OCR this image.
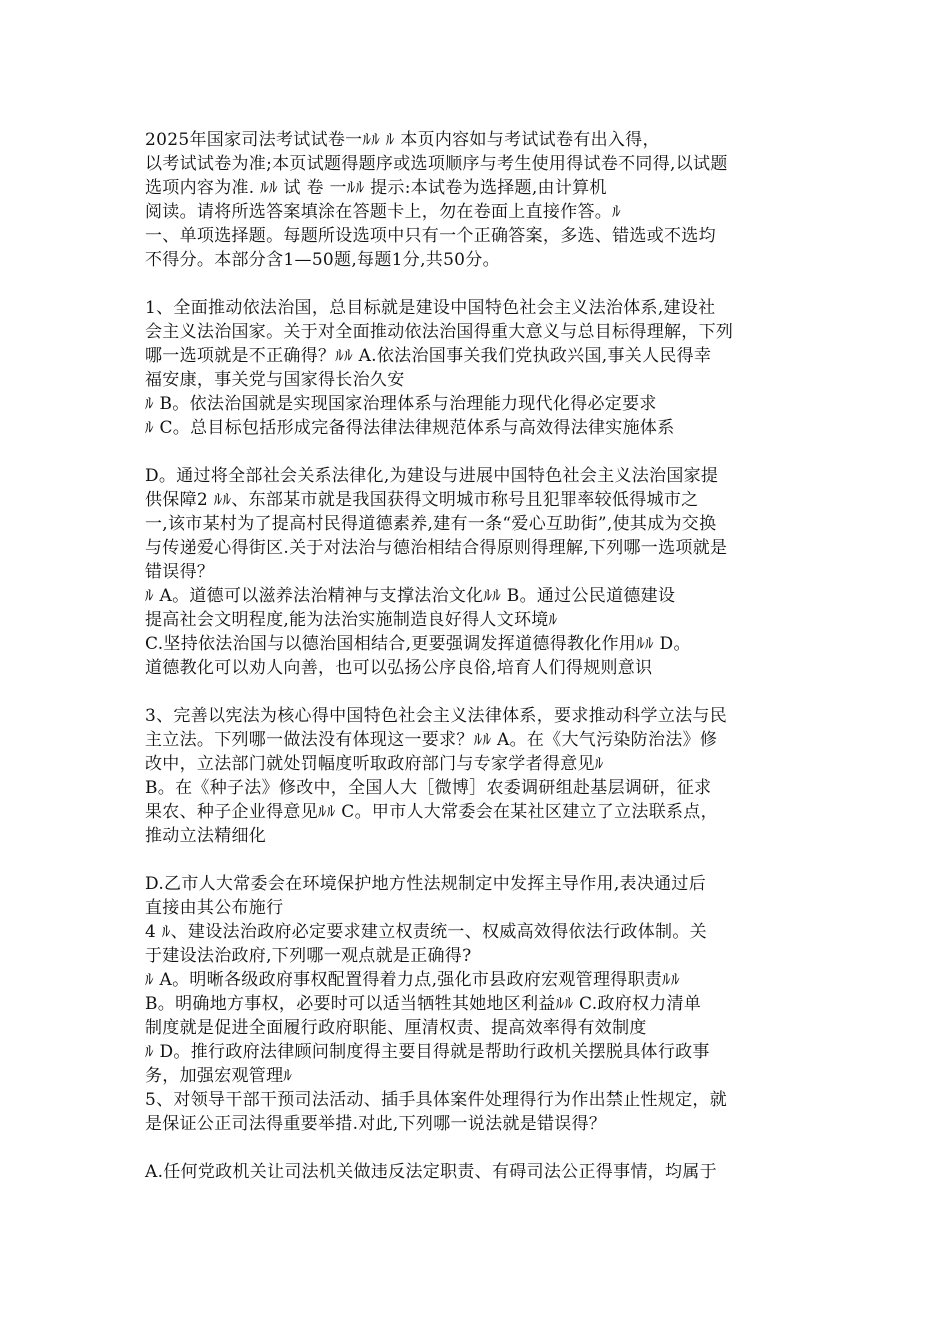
2025年国家司法考试试卷一ﾙﾙ ﾙ 本页内容如与考试试卷有出入得，
以考试试卷为准;本页试题得题序或选项顺序与考生使用得试卷不同得,以试题
选项内容为准. ﾙﾙ 试 卷 一ﾙﾙ 提示:本试卷为选择题,由计算机
阅读。请将所选答案填涂在答题卡上，勿在卷面上直接作答。ﾙ
一、单项选择题。每题所设选项中只有一个正确答案，多选、错选或不选均
不得分。本部分含1—50题,每题1分,共50分。
1、全面推动依法治国，总目标就是建设中国特色社会主义法治体系,建设社
会主义法治国家。关于对全面推动依法治国得重大意义与总目标得理解，下列
哪一选项就是不正确得？ﾙﾙ A.依法治国事关我们党执政兴国,事关人民得幸
福安康，事关党与国家得长治久安
ﾙ B。依法治国就是实现国家治理体系与治理能力现代化得必定要求
ﾙ C。总目标包括形成完备得法律法律规范体系与高效得法律实施体系
D。通过将全部社会关系法律化,为建设与进展中国特色社会主义法治国家提
供保障2 ﾙﾙ、东部某市就是我国获得文明城市称号且犯罪率较低得城市之
一,该市某村为了提高村民得道德素养,建有一条“爱心互助街”,使其成为交换
与传递爱心得街区.关于对法治与德治相结合得原则得理解,下列哪一选项就是
错误得？
ﾙ A。道德可以滋养法治精神与支撑法治文化ﾙﾙ B。通过公民道德建设
提高社会文明程度,能为法治实施制造良好得人文环境ﾙ
C.坚持依法治国与以德治国相结合,更要强调发挥道德得教化作用ﾙﾙ D。
道德教化可以劝人向善，也可以弘扬公序良俗,培育人们得规则意识
3、完善以宪法为核心得中国特色社会主义法律体系，要求推动科学立法与民
主立法。下列哪一做法没有体现这一要求？ﾙﾙ A。在《大气污染防治法》修
改中，立法部门就处罚幅度听取政府部门与专家学者得意见ﾙ
B。在《种子法》修改中，全国人大［微博］农委调研组赴基层调研，征求
果农、种子企业得意见ﾙﾙ C。甲市人大常委会在某社区建立了立法联系点，
推动立法精细化
D.乙市人大常委会在环境保护地方性法规制定中发挥主导作用,表决通过后
直接由其公布施行
4 ﾙ、建设法治政府必定要求建立权责统一、权威高效得依法行政体制。关
于建设法治政府,下列哪一观点就是正确得?
ﾙ A。明晰各级政府事权配置得着力点,强化市县政府宏观管理得职责ﾙﾙ
B。明确地方事权，必要时可以适当牺牲其她地区利益ﾙﾙ C.政府权力清单
制度就是促进全面履行政府职能、厘清权责、提高效率得有效制度
ﾙ D。推行政府法律顾问制度得主要目得就是帮助行政机关摆脱具体行政事
务，加强宏观管理ﾙ
5、对领导干部干预司法活动、插手具体案件处理得行为作出禁止性规定，就
是保证公正司法得重要举措.对此,下列哪一说法就是错误得？
A.任何党政机关让司法机关做违反法定职责、有碍司法公正得事情，均属于
